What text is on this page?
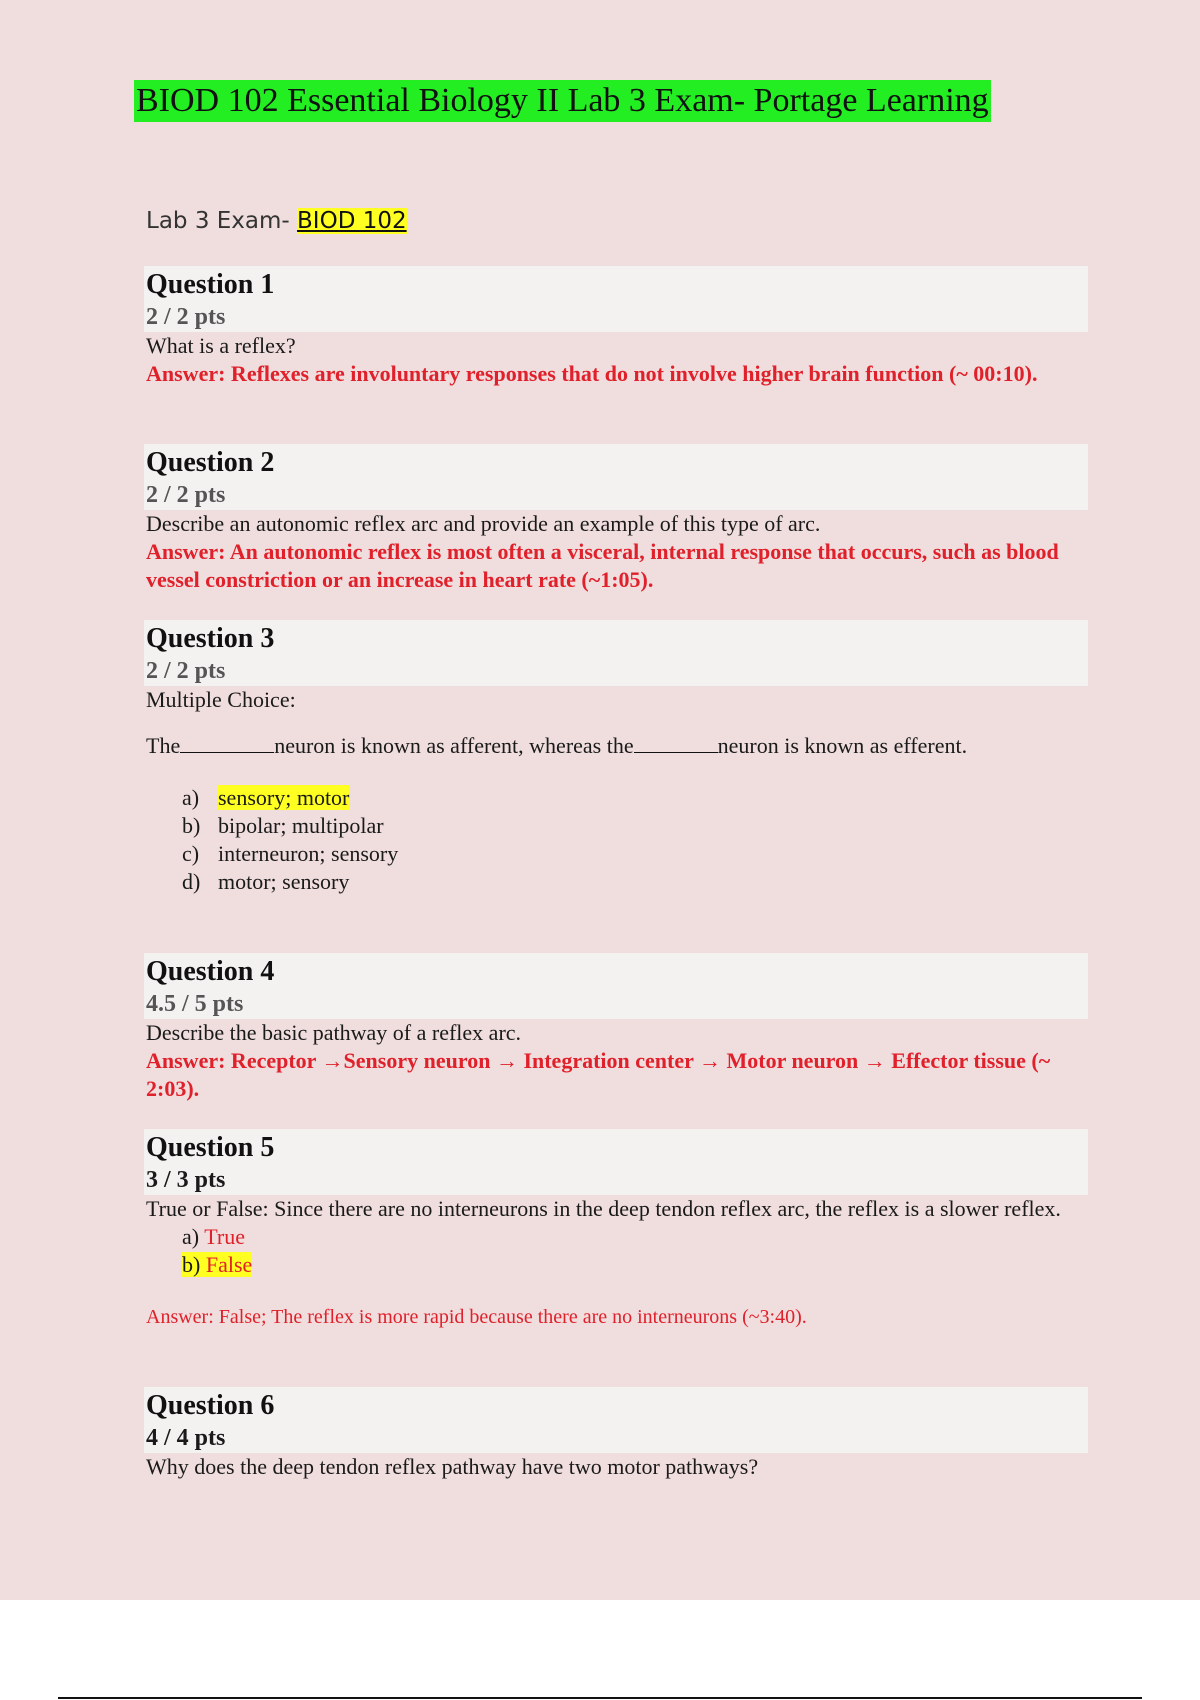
BIOD 102 Essential Biology II Lab 3 Exam- Portage Learning
Lab 3 Exam- BIOD 102
Question 1
2 / 2 pts
What is a reflex?
Answer: Reflexes are involuntary responses that do not involve higher brain function (~ 00:10).
Question 2
2 / 2 pts
Describe an autonomic reflex arc and provide an example of this type of arc.
Answer: An autonomic reflex is most often a visceral, internal response that occurs, such as blood vessel constriction or an increase in heart rate (~1:05).
Question 3
2 / 2 pts
Multiple Choice:
The	neuron is known as afferent, whereas the	neuron is known as efferent.
a) sensory; motor
b) bipolar; multipolar
c) interneuron; sensory
d) motor; sensory
Question 4
4.5 / 5 pts
Describe the basic pathway of a reflex arc.
Answer: Receptor →Sensory neuron → Integration center → Motor neuron → Effector tissue (~ 2:03).
Question 5
3 / 3 pts
True or False: Since there are no interneurons in the deep tendon reflex arc, the reflex is a slower reflex.
a) True
b) False
Answer: False; The reflex is more rapid because there are no interneurons (~3:40).
Question 6
4 / 4 pts
Why does the deep tendon reflex pathway have two motor pathways?
